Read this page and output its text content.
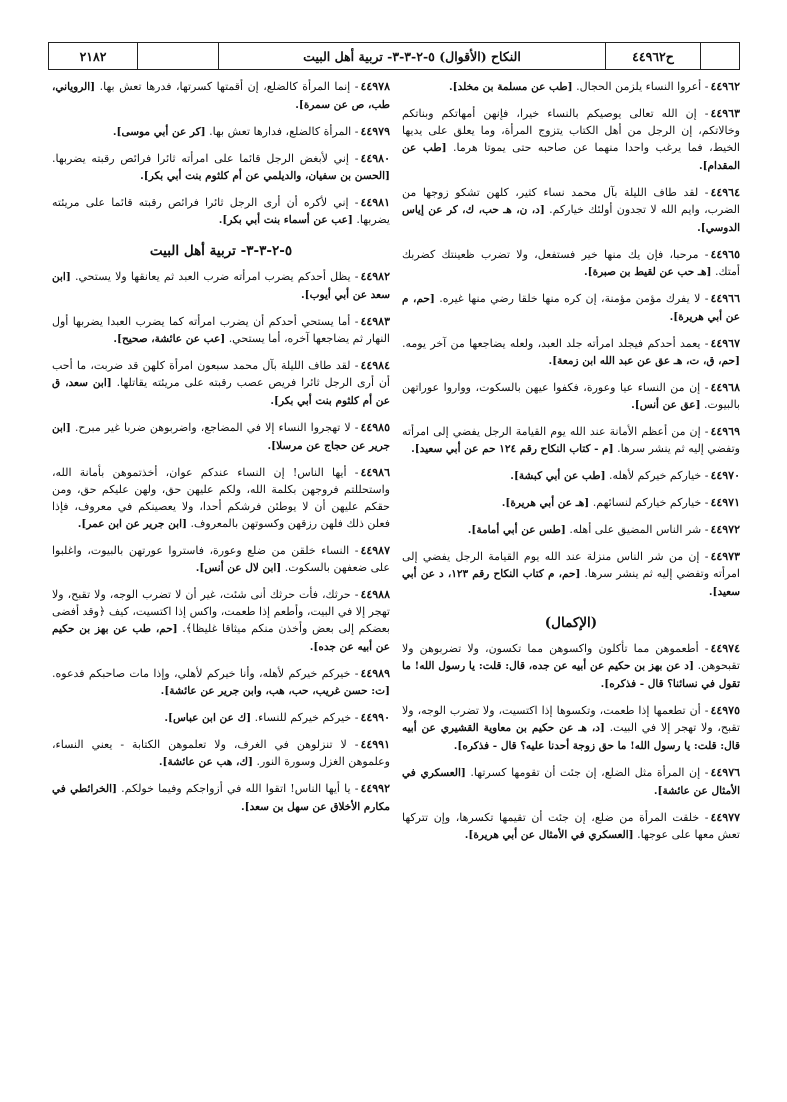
٢١٨٢	النكاح (الأقوال) ٥-٢-٣-٣- تربية أهل البيت	ح٤٤٩٦٢
٤٤٩٦٢- أعروا النساء يلزمن الحجال. [طب عن مسلمة بن مخلد].
٤٤٩٦٣- إن الله تعالى يوصيكم بالنساء خيرا، فإنهن أمهاتكم وبناتكم وخالاتكم، إن الرجل من أهل الكتاب يتزوج المرأة، وما يعلق على يديها الخيط، فما يرغب واحدا منهما عن صاحبه حتى يموتا هرما. [طب عن المقدام].
٤٤٩٦٤- لقد طاف الليلة بآل محمد نساء كثير، كلهن تشكو زوجها من الضرب، وايم الله لا تجدون أولئك خياركم. [د، ن، هـ حب، ك، كر عن إياس الدوسي].
٤٤٩٦٥- مرحبا، فإن يك منها خير فستفعل، ولا تضرب ظعينتك كضربك أمتك. [هـ حب عن لقيط بن صبرة].
٤٤٩٦٦- لا يفرك مؤمن مؤمنة، إن كره منها خلقا رضي منها غيره. [حم، م عن أبي هريرة].
٤٤٩٦٧- يعمد أحدكم فيجلد امرأته جلد العبد، ولعله يضاجعها من آخر يومه. [حم، ق، ت، هـ عق عن عبد الله ابن زمعة].
٤٤٩٦٨- إن من النساء عيا وعورة، فكفوا عيهن بالسكوت، وواروا عوراتهن بالبيوت. [عق عن أنس].
٤٤٩٦٩- إن من أعظم الأمانة عند الله يوم القيامة الرجل يفضي إلى امرأته وتفضي إليه ثم ينشر سرها. [م - كتاب النكاح رقم ١٢٤ حم عن أبي سعيد].
٤٤٩٧٠- خياركم خيركم لأهله. [طب عن أبي كبشة].
٤٤٩٧١- خياركم خياركم لنسائهم. [هـ عن أبي هريرة].
٤٤٩٧٢- شر الناس المضيق على أهله. [طس عن أبي أمامة].
٤٤٩٧٣- إن من شر الناس منزلة عند الله يوم القيامة الرجل يفضي إلى امرأته وتفضي إليه ثم ينشر سرها. [حم، م كتاب النكاح رقم ١٢٣، د عن أبي سعيد].
(الإكمال)
٤٤٩٧٤- أطعموهن مما تأكلون واكسوهن مما تكسون، ولا تضربوهن ولا تقبحوهن. [د عن بهز بن حكيم عن أبيه عن جده، قال: قلت: يا رسول الله! ما تقول في نسائنا؟ قال - فذكره].
٤٤٩٧٥- أن تطعمها إذا طعمت، وتكسوها إذا اكتسيت، ولا تضرب الوجه، ولا تقبح، ولا تهجر إلا في البيت. [د، هـ عن حكيم بن معاوية القشيري عن أبيه قال: قلت: يا رسول الله! ما حق زوجة أحدنا عليه؟ قال - فذكره].
٤٤٩٧٦- إن المرأة مثل الضلع، إن جئت أن تقومها كسرتها. [العسكري في الأمثال عن عائشة].
٤٤٩٧٧- خلقت المرأة من ضلع، إن جئت أن تقيمها تكسرها، وإن تتركها تعش معها على عوجها. [العسكري في الأمثال عن أبي هريرة].
٤٤٩٧٨- إنما المرأة كالضلع، إن أقمتها كسرتها، فدرها تعش بها. [الروياني، طب، ص عن سمرة].
٤٤٩٧٩- المرأة كالضلع، فدارها تعش بها. [كر عن أبي موسى].
٤٤٩٨٠- إني لأبغض الرجل قائما على امرأته ثائرا فرائص رقبته يضربها. [الحسن بن سفيان، والديلمي عن أم كلثوم بنت أبي بكر].
٤٤٩٨١- إني لأكره أن أرى الرجل ثائرا فرائص رقبته قائما على مريئته يضربها. [عب عن أسماء بنت أبي بكر].
٥-٢-٣-٣- تربية أهل البيت
٤٤٩٨٢- يظل أحدكم يضرب امرأته ضرب العبد ثم يعانقها ولا يستحي. [ابن سعد عن أبي أيوب].
٤٤٩٨٣- أما يستحي أحدكم أن يضرب امرأته كما يضرب العبدا يضربها أول النهار ثم يضاجعها آخره، أما يستحي. [عب عن عائشة، صحيح].
٤٤٩٨٤- لقد طاف الليلة بآل محمد سبعون امرأة كلهن قد ضربت، ما أحب أن أرى الرجل ثائرا فريص عصب رقبته على مريئته يقاتلها. [ابن سعد، ق عن أم كلثوم بنت أبي بكر].
٤٤٩٨٥- لا تهجروا النساء إلا في المضاجع، واضربوهن ضربا غير مبرح. [ابن جرير عن حجاج عن مرسلا].
٤٤٩٨٦- أيها الناس! إن النساء عندكم عوان، أخذتموهن بأمانة الله، واستحللتم فروجهن بكلمة الله، ولكم عليهن حق، ولهن عليكم حق، ومن حقكم عليهن أن لا يوطئن فرشكم أحدا، ولا يعصينكم في معروف، فإذا فعلن ذلك فلهن رزقهن وكسوتهن بالمعروف. [ابن جرير عن ابن عمر].
٤٤٩٨٧- النساء خلقن من ضلع وعورة، فاستروا عورتهن بالبيوت، واغلبوا على ضعفهن بالسكوت. [ابن لال عن أنس].
٤٤٩٨٨- حرثك، فأت حرثك أنى شئت، غير أن لا تضرب الوجه، ولا تقبح، ولا تهجر إلا في البيت، وأطعم إذا طعمت، واكس إذا اكتسيت، كيف ﴿وقد أفضى بعضكم إلى بعض وأخذن منكم ميثاقا غليظا﴾. [حم، طب عن بهز بن حكيم عن أبيه عن جده].
٤٤٩٨٩- خيركم خيركم لأهله، وأنا خيركم لأهلي، وإذا مات صاحبكم فدعوه. [ت: حسن غريب، حب، هب، وابن جرير عن عائشة].
٤٤٩٩٠- خيركم خيركم للنساء. [ك عن ابن عباس].
٤٤٩٩١- لا تنزلوهن في الغرف، ولا تعلموهن الكتابة - يعني النساء، وعلموهن الغزل وسورة النور. [ك، هب عن عائشة].
٤٤٩٩٢- يا أيها الناس! اتقوا الله في أزواجكم وفيما خولكم. [الخرائطي في مكارم الأخلاق عن سهل بن سعد].
